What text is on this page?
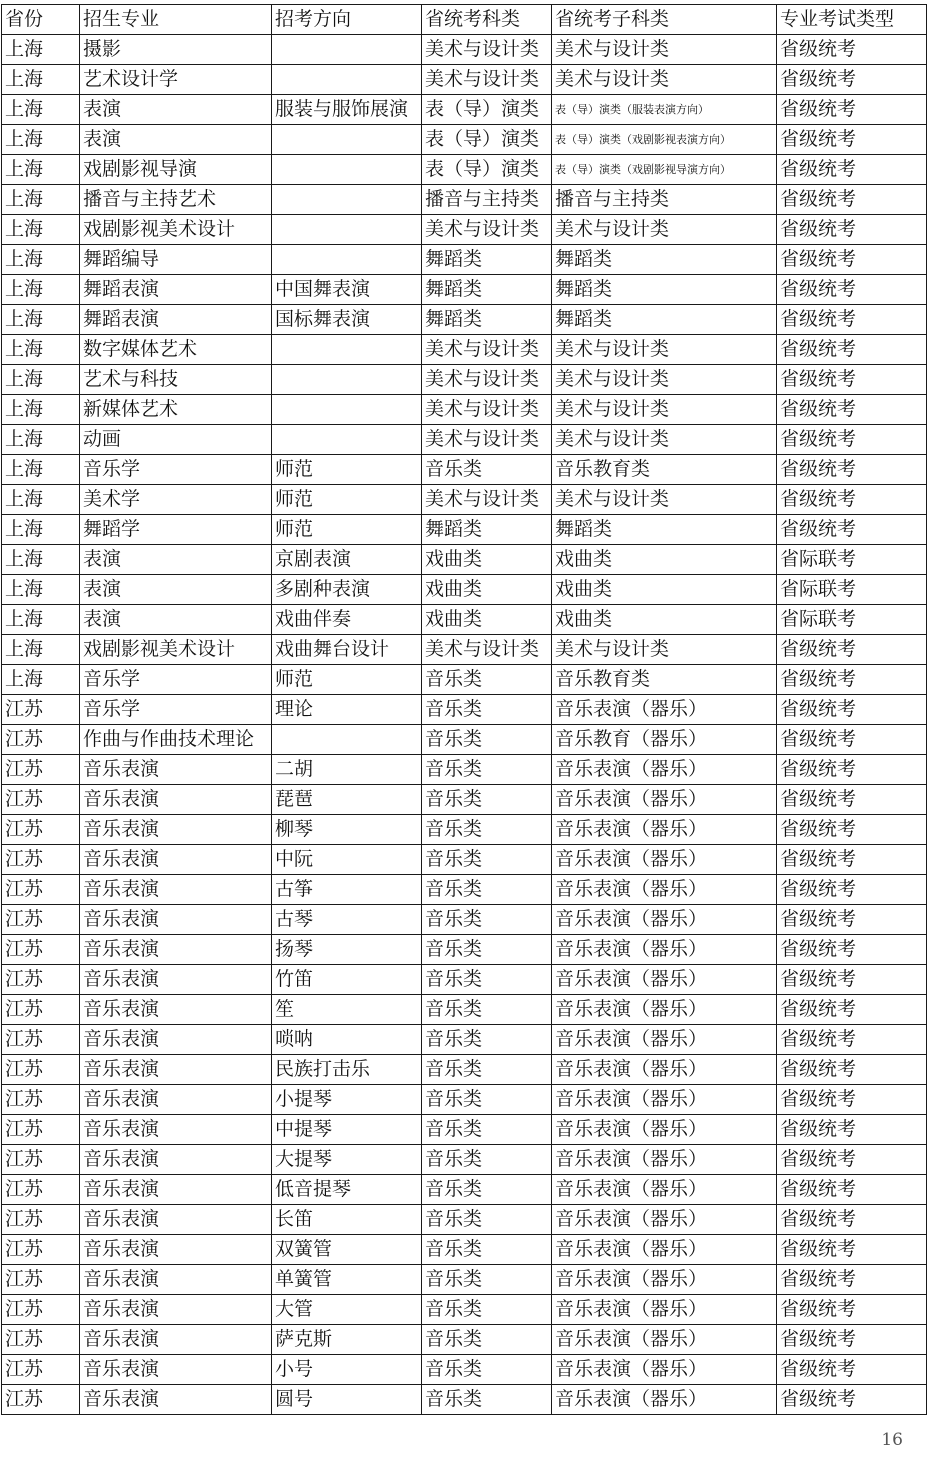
省份	招生专业	招考方向	省统考科类	省统考子科类	专业考试类型
上海	摄影		美术与设计类	美术与设计类	省级统考
上海	艺术设计学		美术与设计类	美术与设计类	省级统考
上海	表演	服装与服饰展演	表（导）演类	表（导）演类（服装表演方向）	省级统考
上海	表演		表（导）演类	表（导）演类（戏剧影视表演方向）	省级统考
上海	戏剧影视导演		表（导）演类	表（导）演类（戏剧影视导演方向）	省级统考
上海	播音与主持艺术		播音与主持类	播音与主持类	省级统考
上海	戏剧影视美术设计		美术与设计类	美术与设计类	省级统考
上海	舞蹈编导		舞蹈类	舞蹈类	省级统考
上海	舞蹈表演	中国舞表演	舞蹈类	舞蹈类	省级统考
上海	舞蹈表演	国标舞表演	舞蹈类	舞蹈类	省级统考
上海	数字媒体艺术		美术与设计类	美术与设计类	省级统考
上海	艺术与科技		美术与设计类	美术与设计类	省级统考
上海	新媒体艺术		美术与设计类	美术与设计类	省级统考
上海	动画		美术与设计类	美术与设计类	省级统考
上海	音乐学	师范	音乐类	音乐教育类	省级统考
上海	美术学	师范	美术与设计类	美术与设计类	省级统考
上海	舞蹈学	师范	舞蹈类	舞蹈类	省级统考
上海	表演	京剧表演	戏曲类	戏曲类	省际联考
上海	表演	多剧种表演	戏曲类	戏曲类	省际联考
上海	表演	戏曲伴奏	戏曲类	戏曲类	省际联考
上海	戏剧影视美术设计	戏曲舞台设计	美术与设计类	美术与设计类	省级统考
上海	音乐学	师范	音乐类	音乐教育类	省级统考
江苏	音乐学	理论	音乐类	音乐表演（器乐）	省级统考
江苏	作曲与作曲技术理论		音乐类	音乐教育（器乐）	省级统考
江苏	音乐表演	二胡	音乐类	音乐表演（器乐）	省级统考
江苏	音乐表演	琵琶	音乐类	音乐表演（器乐）	省级统考
江苏	音乐表演	柳琴	音乐类	音乐表演（器乐）	省级统考
江苏	音乐表演	中阮	音乐类	音乐表演（器乐）	省级统考
江苏	音乐表演	古筝	音乐类	音乐表演（器乐）	省级统考
江苏	音乐表演	古琴	音乐类	音乐表演（器乐）	省级统考
江苏	音乐表演	扬琴	音乐类	音乐表演（器乐）	省级统考
江苏	音乐表演	竹笛	音乐类	音乐表演（器乐）	省级统考
江苏	音乐表演	笙	音乐类	音乐表演（器乐）	省级统考
江苏	音乐表演	唢呐	音乐类	音乐表演（器乐）	省级统考
江苏	音乐表演	民族打击乐	音乐类	音乐表演（器乐）	省级统考
江苏	音乐表演	小提琴	音乐类	音乐表演（器乐）	省级统考
江苏	音乐表演	中提琴	音乐类	音乐表演（器乐）	省级统考
江苏	音乐表演	大提琴	音乐类	音乐表演（器乐）	省级统考
江苏	音乐表演	低音提琴	音乐类	音乐表演（器乐）	省级统考
江苏	音乐表演	长笛	音乐类	音乐表演（器乐）	省级统考
江苏	音乐表演	双簧管	音乐类	音乐表演（器乐）	省级统考
江苏	音乐表演	单簧管	音乐类	音乐表演（器乐）	省级统考
江苏	音乐表演	大管	音乐类	音乐表演（器乐）	省级统考
江苏	音乐表演	萨克斯	音乐类	音乐表演（器乐）	省级统考
江苏	音乐表演	小号	音乐类	音乐表演（器乐）	省级统考
江苏	音乐表演	圆号	音乐类	音乐表演（器乐）	省级统考
16
